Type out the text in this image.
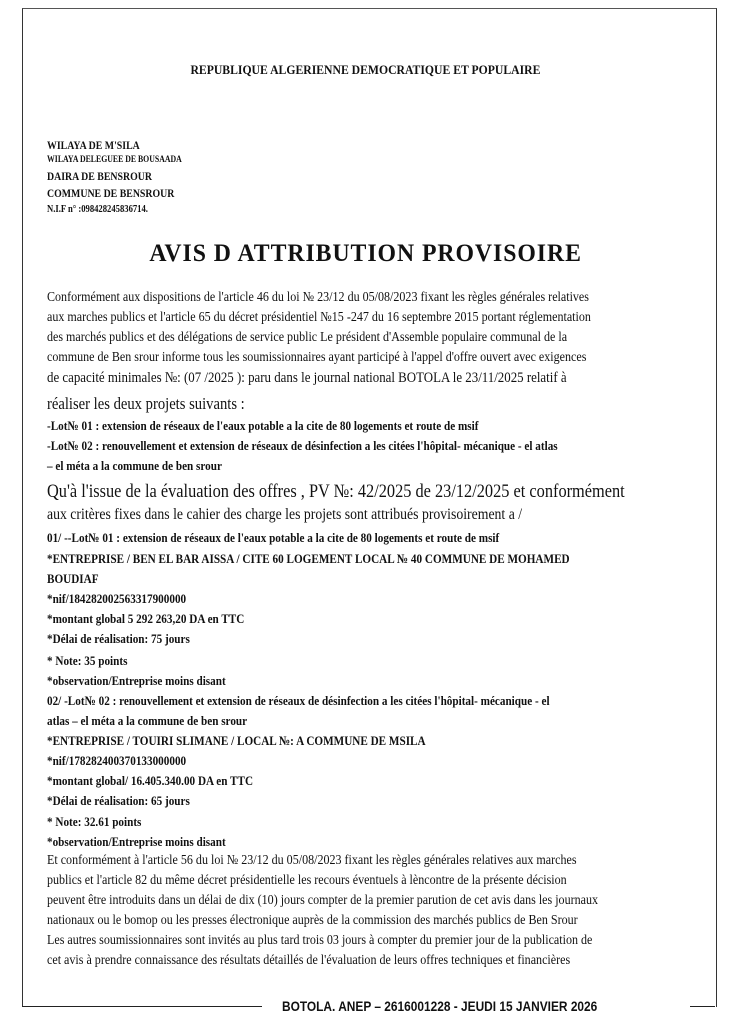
REPUBLIQUE ALGERIENNE DEMOCRATIQUE ET POPULAIRE
WILAYA DE M'SILA
WILAYA DELEGUEE DE BOUSAADA
DAIRA DE BENSROUR
COMMUNE DE BENSROUR
N.I.F n° :098428245836714.
AVIS D ATTRIBUTION PROVISOIRE
Conformément aux dispositions de l'article 46 du loi № 23/12 du 05/08/2023 fixant les règles générales relatives
aux marches publics et l'article 65 du décret présidentiel №15 -247 du 16 septembre 2015 portant réglementation
des marchés publics et des délégations de service public Le président d'Assemble populaire communal de la
commune de Ben srour informe tous les soumissionnaires ayant participé à l'appel d'offre ouvert avec exigences
de capacité minimales №: (07 /2025 ): paru dans le journal national BOTOLA le 23/11/2025 relatif à
réaliser les deux projets suivants :
-Lot№ 01 : extension de réseaux de l'eaux potable a la cite de 80 logements et route de msif
-Lot№ 02 : renouvellement et extension de réseaux de désinfection a les citées l'hôpital- mécanique - el atlas
– el méta a la commune de ben srour
Qu'à l'issue de la évaluation des offres , PV №: 42/2025 de 23/12/2025 et conformément
aux critères fixes dans le cahier des charge les projets sont attribués provisoirement a /
01/ --Lot№ 01 : extension de réseaux de l'eaux potable a la cite de 80 logements et route de msif
*ENTREPRISE / BEN EL BAR AISSA / CITE 60 LOGEMENT LOCAL № 40 COMMUNE DE MOHAMED
BOUDIAF
*nif/184282002563317900000
*montant global 5 292 263,20 DA en TTC
*Délai de réalisation: 75 jours
* Note: 35 points
*observation/Entreprise moins disant
02/ -Lot№ 02 : renouvellement et extension de réseaux de désinfection a les citées l'hôpital- mécanique - el
atlas – el méta a la commune de ben srour
*ENTREPRISE / TOUIRI SLIMANE / LOCAL №: A COMMUNE DE MSILA
*nif/178282400370133000000
*montant global/ 16.405.340.00 DA en TTC
*Délai de réalisation: 65 jours
* Note: 32.61 points
*observation/Entreprise moins disant
Et conformément à l'article 56 du loi № 23/12 du 05/08/2023 fixant les règles générales relatives aux marches
publics et l'article 82 du même décret présidentielle les recours éventuels à lèncontre de la présente décision
peuvent être introduits dans un délai de dix (10) jours compter de la premier parution de cet avis dans les journaux
nationaux ou le bomop ou les presses électronique auprès de la commission des marchés publics de Ben Srour
Les autres soumissionnaires sont invités au plus tard trois 03 jours à compter du premier jour de la publication de
cet avis à prendre connaissance des résultats détaillés de l'évaluation de leurs offres techniques et financières
BOTOLA. ANEP – 2616001228 - JEUDI 15 JANVIER 2026
